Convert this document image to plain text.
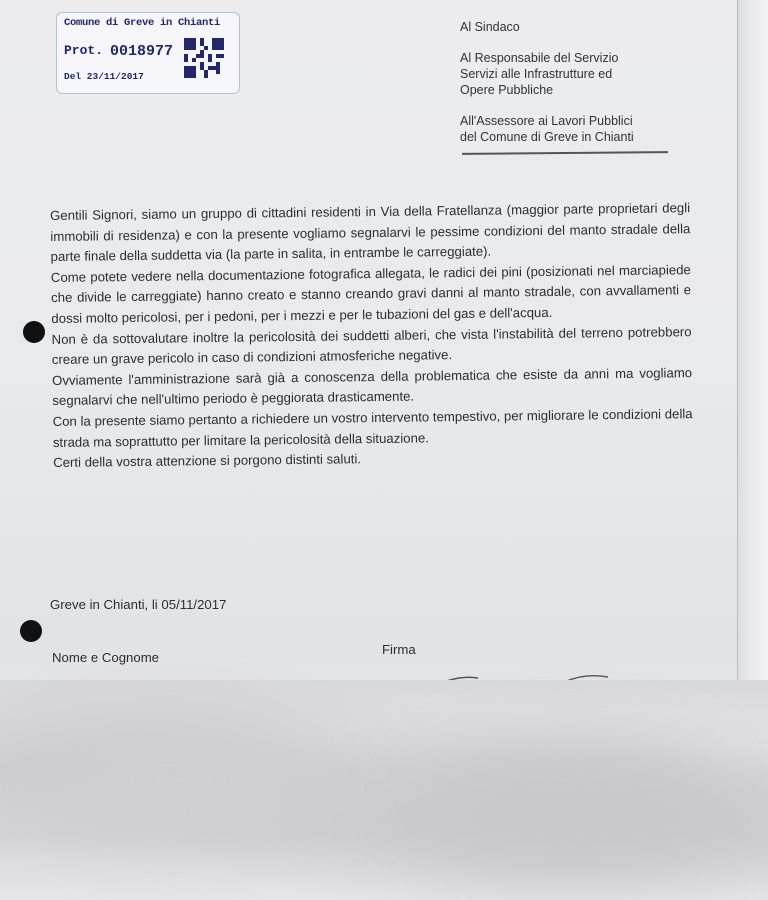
Comune di Greve in Chianti
Prot. 0018977
Del 23/11/2017
Al Sindaco
Al Responsabile del Servizio
Servizi alle Infrastrutture ed
Opere Pubbliche
All'Assessore ai Lavori Pubblici
del Comune di Greve in Chianti

Gentili Signori, siamo un gruppo di cittadini residenti in Via della Fratellanza (maggior parte proprietari degli immobili di residenza) e con la presente vogliamo segnalarvi le pessime condizioni del manto stradale della parte finale della suddetta via (la parte in salita, in entrambe le carreggiate).

Come potete vedere nella documentazione fotografica allegata, le radici dei pini (posizionati nel marciapiede che divide le carreggiate) hanno creato e stanno creando gravi danni al manto stradale, con avvallamenti e dossi molto pericolosi, per i pedoni, per i mezzi e per le tubazioni del gas e dell'acqua.

Non è da sottovalutare inoltre la pericolosità dei suddetti alberi, che vista l'instabilità del terreno potrebbero creare un grave pericolo in caso di condizioni atmosferiche negative.

Ovviamente l'amministrazione sarà già a conoscenza della problematica che esiste da anni ma vogliamo segnalarvi che nell'ultimo periodo è peggiorata drasticamente.

Con la presente siamo pertanto a richiedere un vostro intervento tempestivo, per migliorare le condizioni della strada ma soprattutto per limitare la pericolosità della situazione.

Certi della vostra attenzione si porgono distinti saluti.

Greve in Chianti, li 05/11/2017
Nome e Cognome
Firma
